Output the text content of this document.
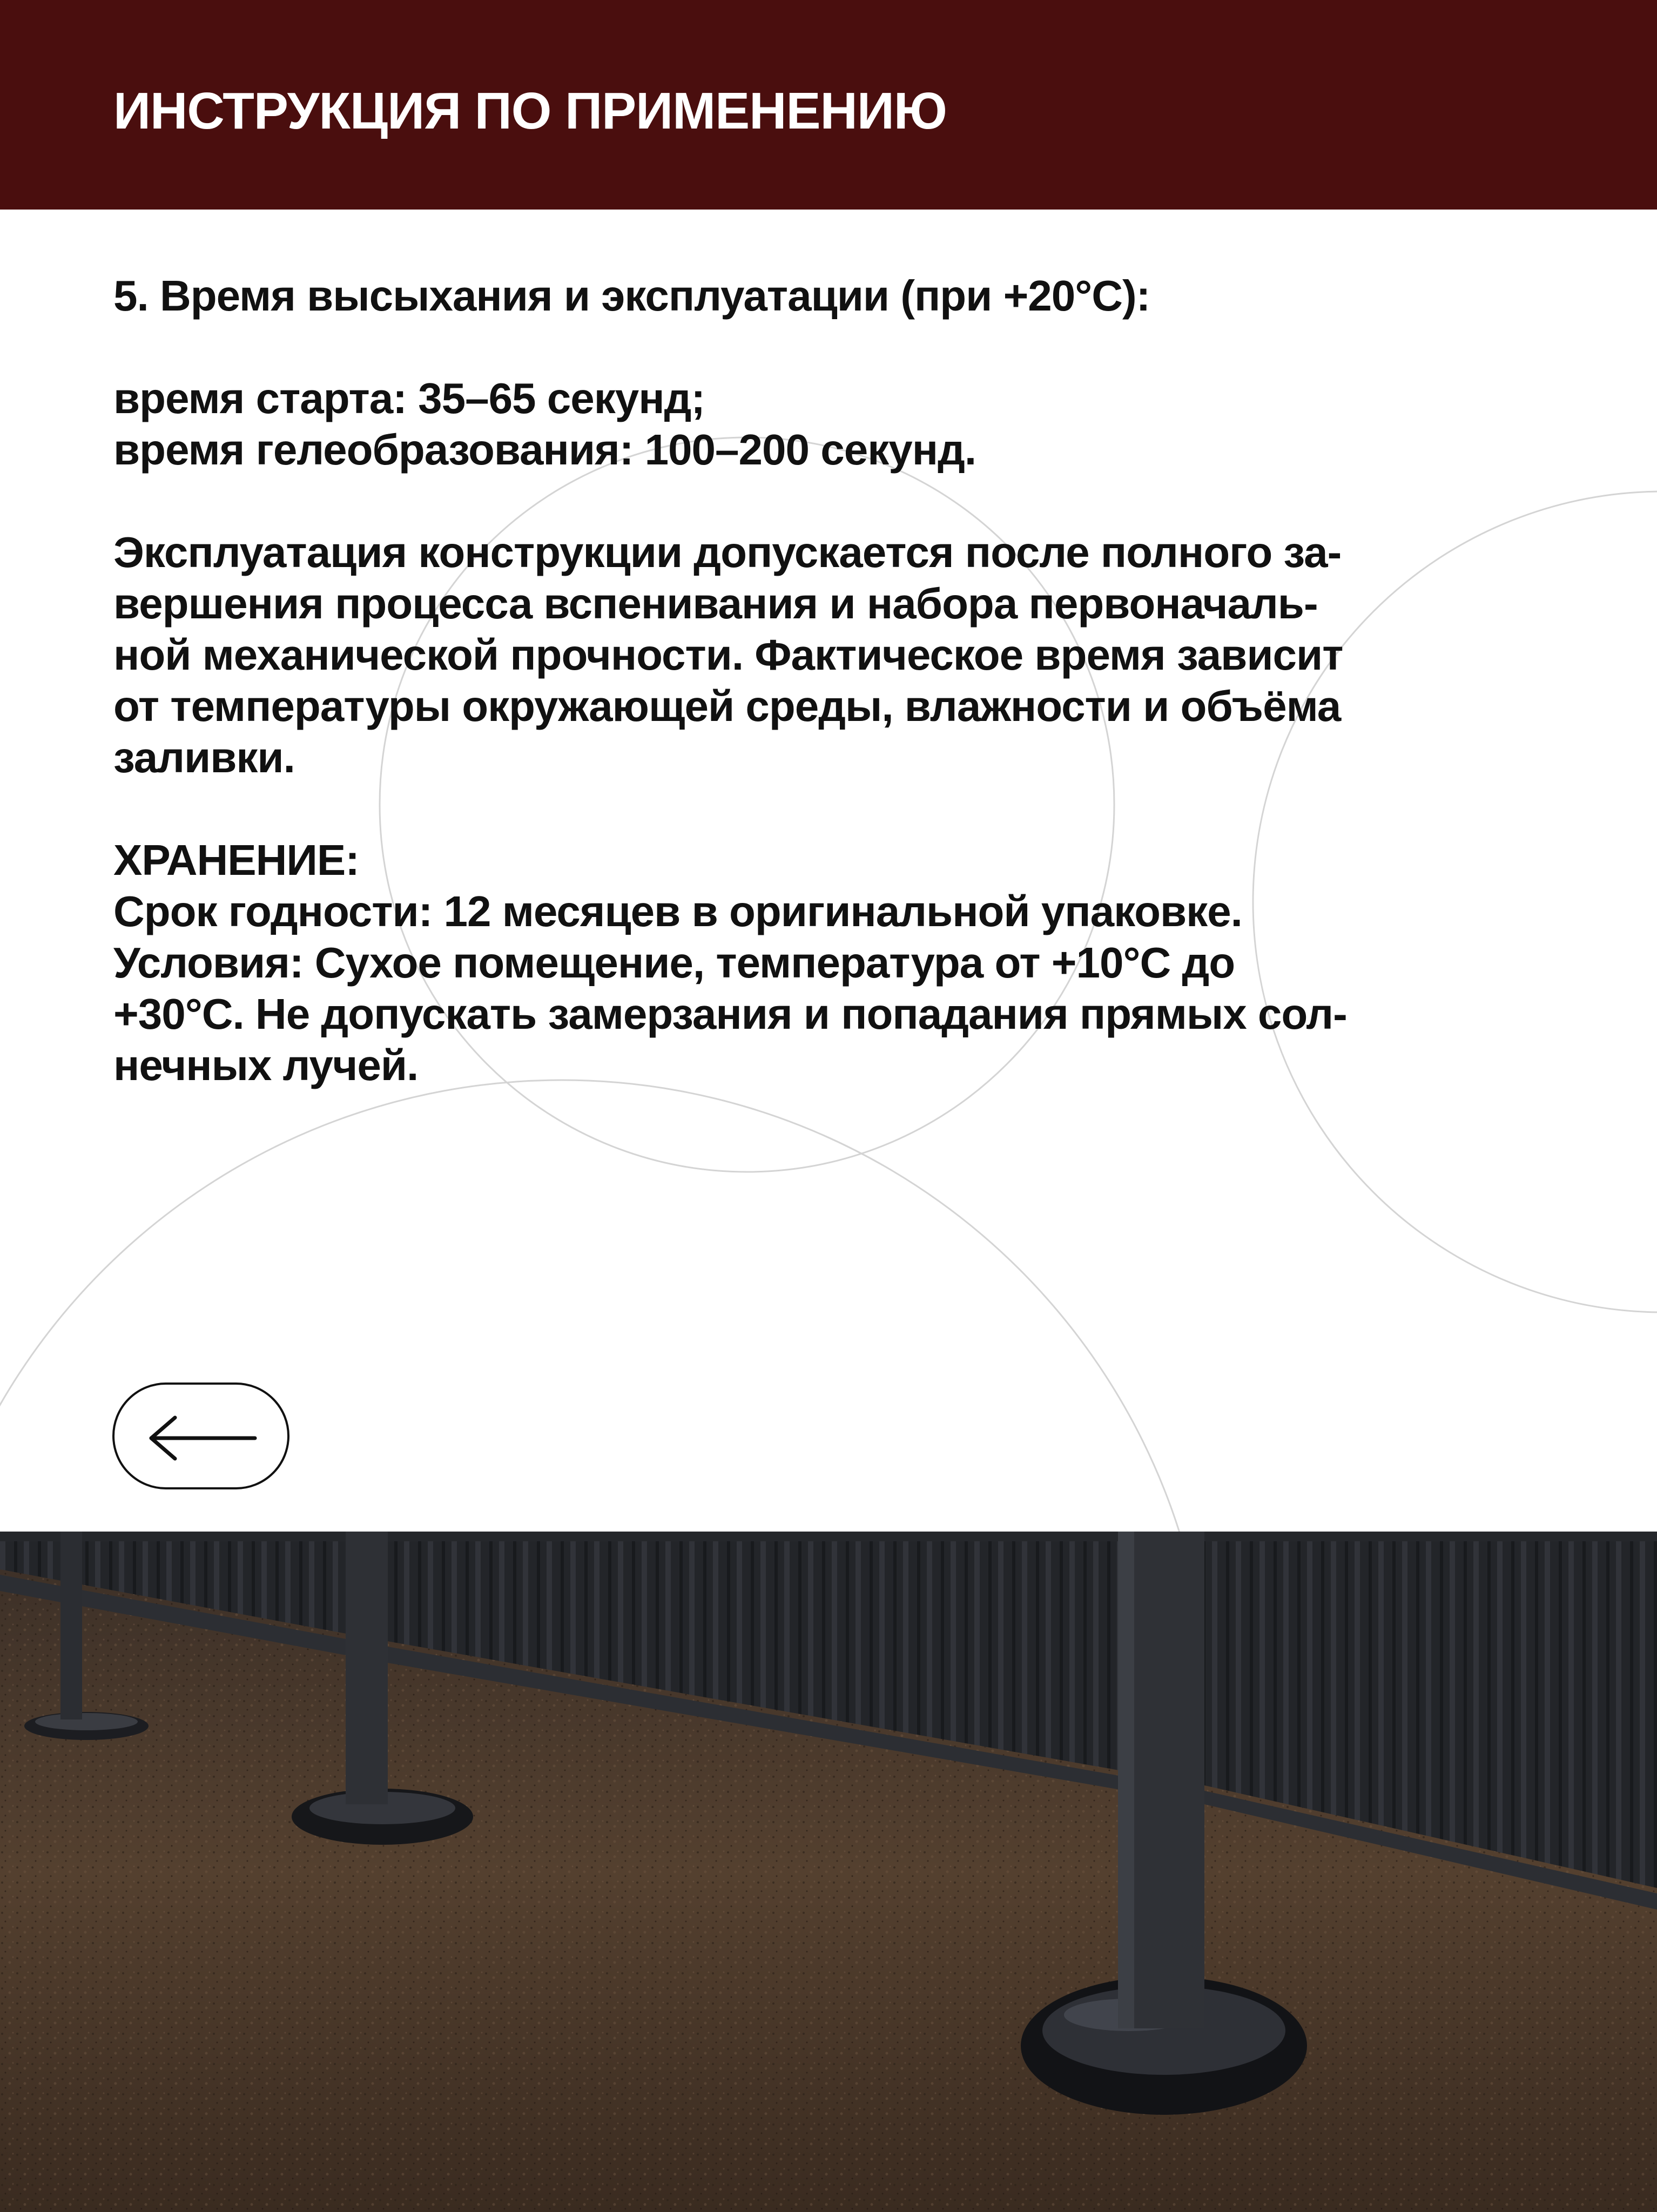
ИНСТРУКЦИЯ ПО ПРИМЕНЕНИЮ

5. Время высыхания и эксплуатации (при +20°С):

время старта: 35–65 секунд;

время гелеобразования: 100–200 секунд.

Эксплуатация конструкции допускается после полного за-

вершения процесса вспенивания и набора первоначаль-

ной механической прочности. Фактическое время зависит

от температуры окружающей среды, влажности и объёма

заливки.

ХРАНЕНИЕ:

Срок годности: 12 месяцев в оригинальной упаковке.

Условия: Сухое помещение, температура от +10°С до

+30°С. Не допускать замерзания и попадания прямых сол-

нечных лучей.
